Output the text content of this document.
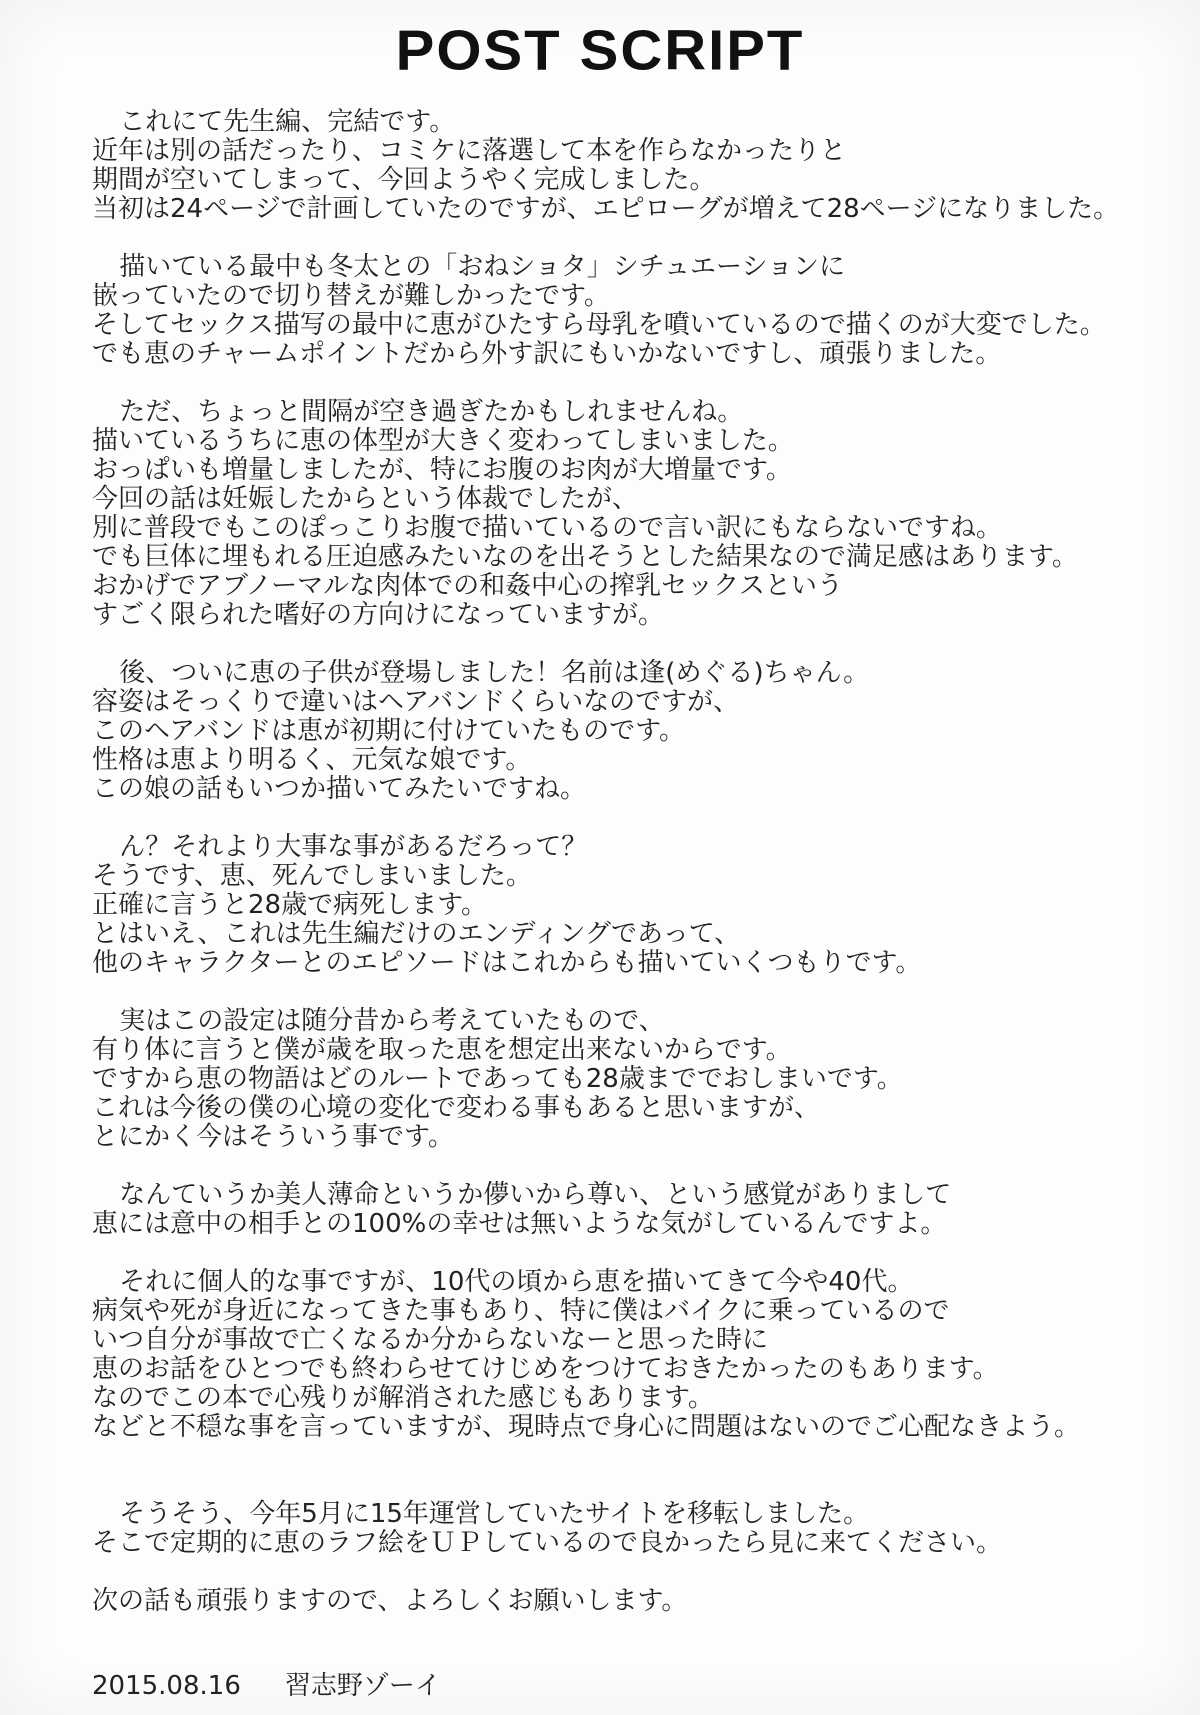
POST SCRIPT

これにて先生編、完結です。

近年は別の話だったり、コミケに落選して本を作らなかったりと

期間が空いてしまって、今回ようやく完成しました。

当初は24ページで計画していたのですが、エピローグが増えて28ページになりました。

描いている最中も冬太との「おねショタ」シチュエーションに

嵌っていたので切り替えが難しかったです。

そしてセックス描写の最中に恵がひたすら母乳を噴いているので描くのが大変でした。

でも恵のチャームポイントだから外す訳にもいかないですし、頑張りました。

ただ、ちょっと間隔が空き過ぎたかもしれませんね。

描いているうちに恵の体型が大きく変わってしまいました。

おっぱいも増量しましたが、特にお腹のお肉が大増量です。

今回の話は妊娠したからという体裁でしたが、

別に普段でもこのぽっこりお腹で描いているので言い訳にもならないですね。

でも巨体に埋もれる圧迫感みたいなのを出そうとした結果なので満足感はあります。

おかげでアブノーマルな肉体での和姦中心の搾乳セックスという

すごく限られた嗜好の方向けになっていますが。

後、ついに恵の子供が登場しました！名前は逢(めぐる)ちゃん。

容姿はそっくりで違いはヘアバンドくらいなのですが、

このヘアバンドは恵が初期に付けていたものです。

性格は恵より明るく、元気な娘です。

この娘の話もいつか描いてみたいですね。

ん？それより大事な事があるだろって？

そうです、恵、死んでしまいました。

正確に言うと28歳で病死します。

とはいえ、これは先生編だけのエンディングであって、

他のキャラクターとのエピソードはこれからも描いていくつもりです。

実はこの設定は随分昔から考えていたもので、

有り体に言うと僕が歳を取った恵を想定出来ないからです。

ですから恵の物語はどのルートであっても28歳まででおしまいです。

これは今後の僕の心境の変化で変わる事もあると思いますが、

とにかく今はそういう事です。

なんていうか美人薄命というか儚いから尊い、という感覚がありまして

恵には意中の相手との100%の幸せは無いような気がしているんですよ。

それに個人的な事ですが、10代の頃から恵を描いてきて今や40代。

病気や死が身近になってきた事もあり、特に僕はバイクに乗っているので

いつ自分が事故で亡くなるか分からないなーと思った時に

恵のお話をひとつでも終わらせてけじめをつけておきたかったのもあります。

なのでこの本で心残りが解消された感じもあります。

などと不穏な事を言っていますが、現時点で身心に問題はないのでご心配なきよう。

そうそう、今年5月に15年運営していたサイトを移転しました。

そこで定期的に恵のラフ絵をＵＰしているので良かったら見に来てください。

次の話も頑張りますので、よろしくお願いします。

2015.08.16 習志野ゾーイ
